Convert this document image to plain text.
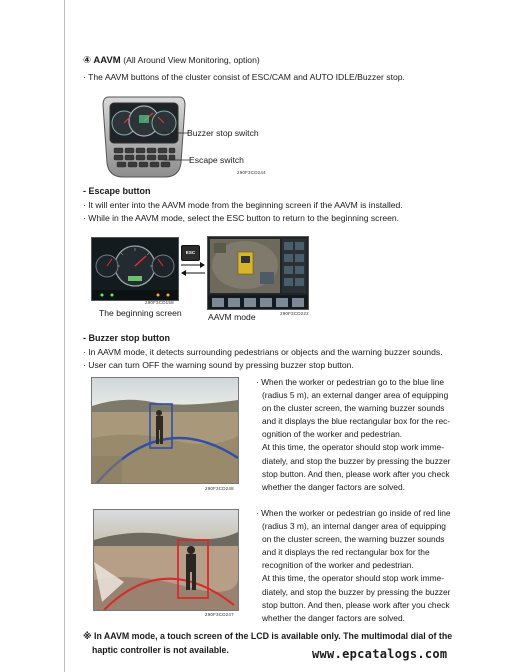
④ AAVM (All Around View Monitoring, option)
· The AAVM buttons of the cluster consist of ESC/CAM and AUTO IDLE/Buzzer stop.
Buzzer stop switch
Escape switch
290F3CD244
- Escape button
· It will enter into the AAVM mode from the beginning screen if the AAVM is installed.
· While in the AAVM mode, select the ESC button to return to the beginning screen.
290F3CD158
The beginning screen
ESC
AAVM mode	290F3CD222
- Buzzer stop button
· In AAVM mode, it detects surrounding pedestrians or objects and the warning buzzer sounds.
· User can turn OFF the warning sound by pressing buzzer stop button.
290F3CD248
· When the worker or pedestrian go to the blue line
(radius 5 m), an external danger area of equipping
on the cluster screen, the warning buzzer sounds
and it displays the blue rectangular box for the rec-
ognition of the worker and pedestrian.
At this time, the operator should stop work imme-
diately, and stop the buzzer by pressing the buzzer
stop button. And then, please work after you check
whether the danger factors are solved.
290F3CD247
· When the worker or pedestrian go inside of red line
(radius 3 m), an internal danger area of equipping
on the cluster screen, the warning buzzer sounds
and it displays the red rectangular box for the
recognition of the worker and pedestrian.
At this time, the operator should stop work imme-
diately, and stop the buzzer by pressing the buzzer
stop button. And then, please work after you check
whether the danger factors are solved.
※ In AAVM mode, a touch screen of the LCD is available only. The multimodal dial of the
haptic controller is not available.	www.epcatalogs.com
